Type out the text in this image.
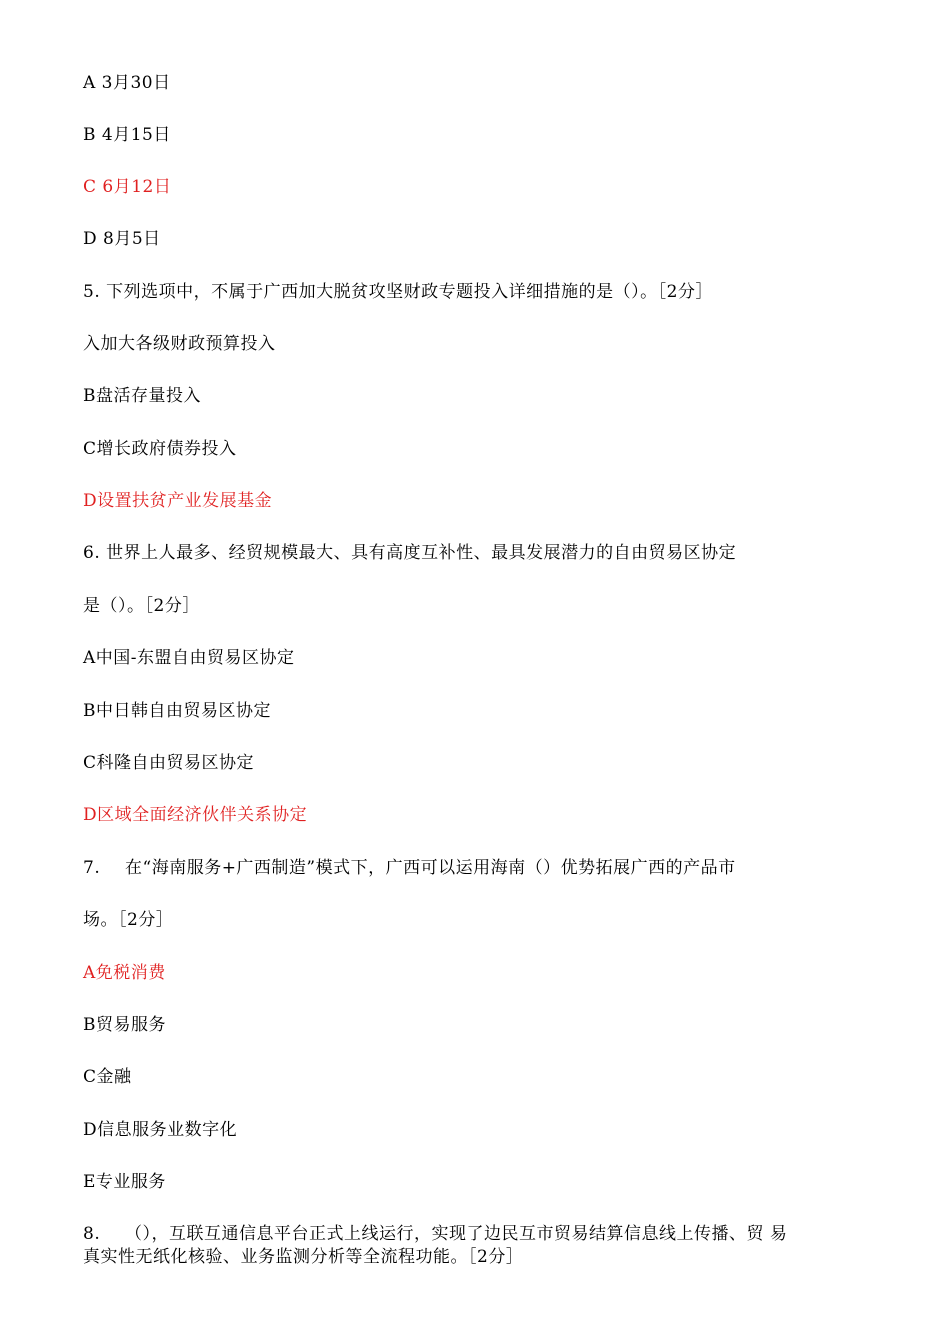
A 3月30日
B 4月15日
C 6月12日
D 8月5日
5. 下列选项中，不属于广西加大脱贫攻坚财政专题投入详细措施的是（）。［2分］
入加大各级财政预算投入
B盘活存量投入
C增长政府债券投入
D设置扶贫产业发展基金
6. 世界上人最多、经贸规模最大、具有高度互补性、最具发展潜力的自由贸易区协定
是（）。［2分］
A中国-东盟自由贸易区协定
B中日韩自由贸易区协定
C科隆自由贸易区协定
D区域全面经济伙伴关系协定
7. 在“海南服务+广西制造”模式下，广西可以运用海南（）优势拓展广西的产品市
场。［2分］
A免税消费
B贸易服务
C金融
D信息服务业数字化
E专业服务
8. （），互联互通信息平台正式上线运行，实现了边民互市贸易结算信息线上传播、贸 易
真实性无纸化核验、业务监测分析等全流程功能。［2分］
